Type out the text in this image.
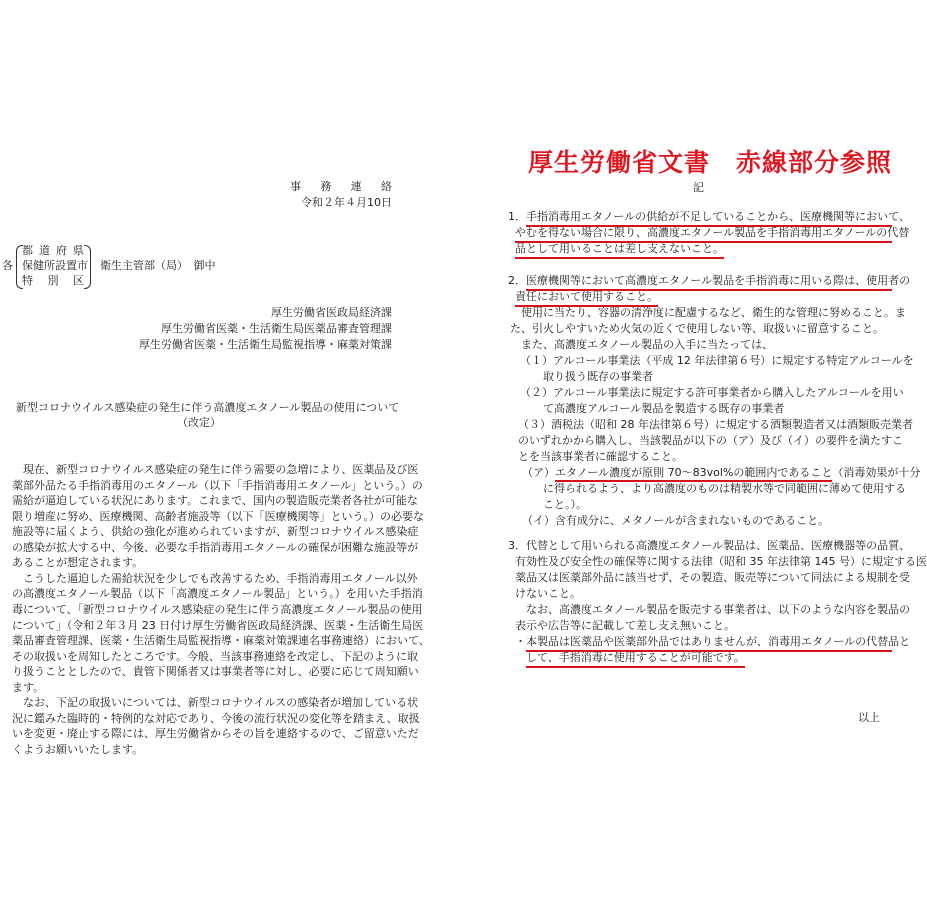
事　務　連　絡
令和２年４月10日
各
都 道 府 県
保健所設置市
特　別　区
衛生主管部（局）　御中
厚生労働省医政局経済課
厚生労働省医薬・生活衛生局医薬品審査管理課
厚生労働省医薬・生活衛生局監視指導・麻薬対策課
新型コロナウイルス感染症の発生に伴う高濃度エタノール製品の使用について
（改定）
　現在、新型コロナウイルス感染症の発生に伴う需要の急増により、医薬品及び医
薬部外品たる手指消毒用のエタノール（以下「手指消毒用エタノール」という。）の
需給が逼迫している状況にあります。これまで、国内の製造販売業者各社が可能な
限り増産に努め、医療機関、高齢者施設等（以下「医療機関等」という。）の必要な
施設等に届くよう、供給の強化が進められていますが、新型コロナウイルス感染症
の感染が拡大する中、今後、必要な手指消毒用エタノールの確保が困難な施設等が
あることが想定されます。
　こうした逼迫した需給状況を少しでも改善するため、手指消毒用エタノール以外
の高濃度エタノール製品（以下「高濃度エタノール製品」という。）を用いた手指消
毒について、「新型コロナウイルス感染症の発生に伴う高濃度エタノール製品の使用
について」（令和２年３月 23 日付け厚生労働省医政局経済課、医薬・生活衛生局医
薬品審査管理課、医薬・生活衛生局監視指導・麻薬対策課連名事務連絡）において、
その取扱いを周知したところです。今般、当該事務連絡を改定し、下記のように取
り扱うこととしたので、貴管下関係者又は事業者等に対し、必要に応じて周知願い
ます。
　なお、下記の取扱いについては、新型コロナウイルスの感染者が増加している状
況に鑑みた臨時的・特例的な対応であり、今後の流行状況の変化等を踏まえ、取扱
いを変更・廃止する際には、厚生労働省からその旨を連絡するので、ご留意いただ
くようお願いいたします。
厚生労働省文書　赤線部分参照
記
1． 手指消毒用エタノールの供給が不足していることから、医療機関等において、
やむを得ない場合に限り、高濃度エタノール製品を手指消毒用エタノールの代替
品として用いることは差し支えないこと。
2． 医療機関等において高濃度エタノール製品を手指消毒に用いる際は、使用者の
責任において使用すること。
　使用に当たり、容器の清浄度に配慮するなど、衛生的な管理に努めること。ま
た、引火しやすいため火気の近くで使用しない等、取扱いに留意すること。
　また、高濃度エタノール製品の入手に当たっては、
（１）アルコール事業法（平成 12 年法律第６号）に規定する特定アルコールを
取り扱う既存の事業者
（２）アルコール事業法に規定する許可事業者から購入したアルコールを用い
て高濃度アルコール製品を製造する既存の事業者
（３）酒税法（昭和 28 年法律第６号）に規定する酒類製造者又は酒類販売業者
のいずれかから購入し、当該製品が以下の（ア）及び（イ）の要件を満たすこ
とを当該事業者に確認すること。
（ア）エタノール濃度が原則 70～83vol%の範囲内であること（消毒効果が十分
に得られるよう、より高濃度のものは精製水等で同範囲に薄めて使用する
こと。）。
（イ）含有成分に、メタノールが含まれないものであること。
3． 代替として用いられる高濃度エタノール製品は、医薬品、医療機器等の品質、
有効性及び安全性の確保等に関する法律（昭和 35 年法律第 145 号）に規定する医
薬品又は医薬部外品に該当せず、その製造、販売等について同法による規制を受
けないこと。
　なお、高濃度エタノール製品を販売する事業者は、以下のような内容を製品の
表示や広告等に記載して差し支え無いこと。
・ 本製品は医薬品や医薬部外品ではありませんが、消毒用エタノールの代替品と
して、手指消毒に使用することが可能です。
以上
